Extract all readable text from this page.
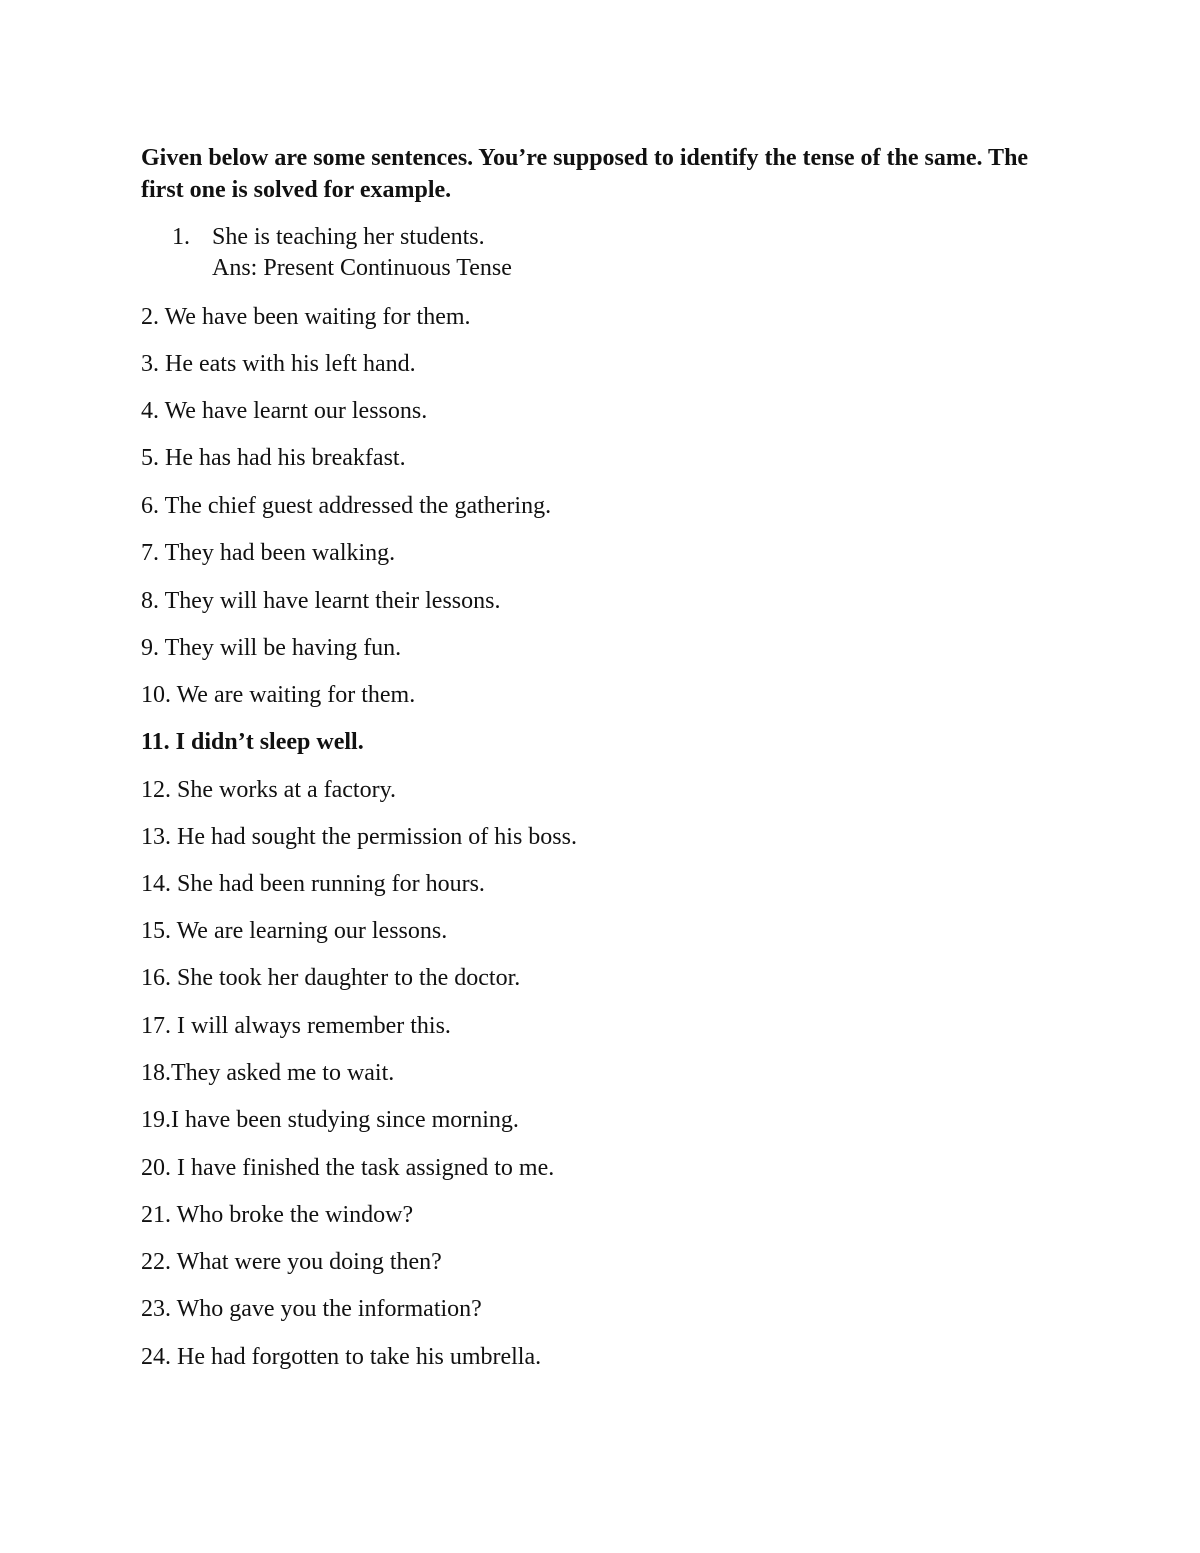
Given below are some sentences. You’re supposed to identify the tense of the same. The first one is solved for example.

1. She is teaching her students.
Ans: Present Continuous Tense
2. We have been waiting for them.
3. He eats with his left hand.
4. We have learnt our lessons.
5. He has had his breakfast.
6. The chief guest addressed the gathering.
7. They had been walking.
8. They will have learnt their lessons.
9. They will be having fun.
10. We are waiting for them.
11. I didn’t sleep well.
12. She works at a factory.
13. He had sought the permission of his boss.
14. She had been running for hours.
15. We are learning our lessons.
16. She took her daughter to the doctor.
17. I will always remember this.
18.They asked me to wait.
19.I have been studying since morning.
20. I have finished the task assigned to me.
21. Who broke the window?
22. What were you doing then?
23. Who gave you the information?
24. He had forgotten to take his umbrella.
